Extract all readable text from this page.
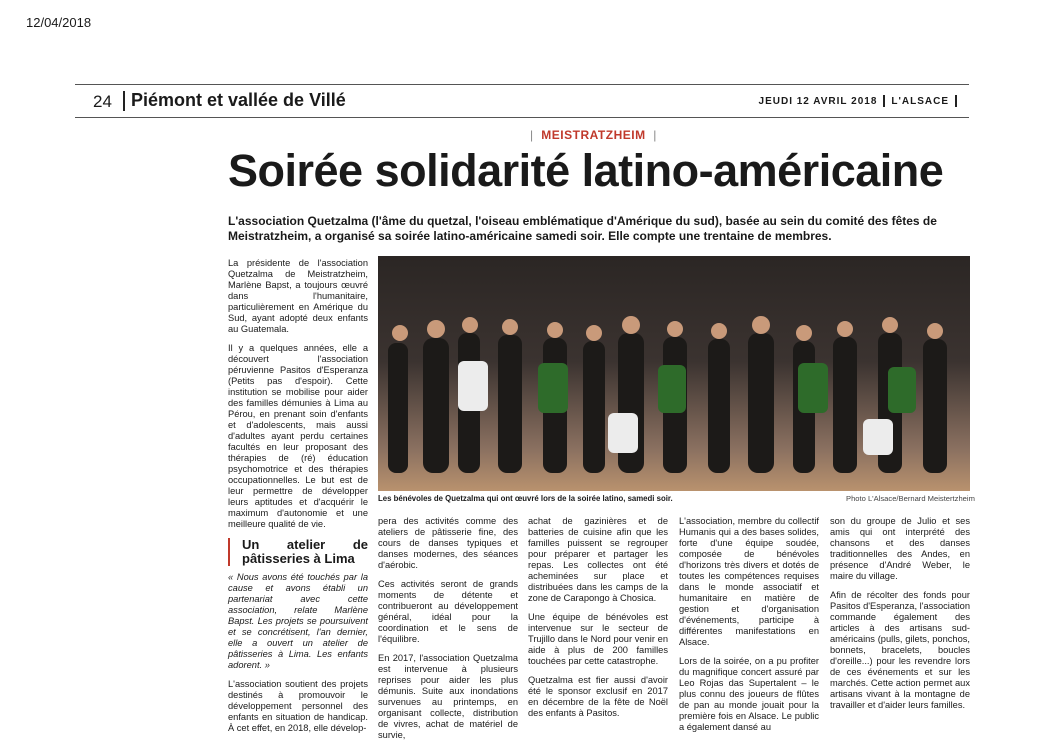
12/04/2018
24 Piémont et vallée de Villé	JEUDI 12 AVRIL 2018 L'ALSACE
|  MEISTRATZHEIM  |
Soirée solidarité latino-américaine
L'association Quetzalma (l'âme du quetzal, l'oiseau emblématique d'Amérique du sud), basée au sein du comité des fêtes de Meistratzheim, a organisé sa soirée latino-américaine samedi soir. Elle compte une trentaine de membres.

La présidente de l'association Quetzalma de Meistratzheim, Marlène Bapst, a toujours œuvré dans l'humanitaire, particulièrement en Amérique du Sud, ayant adopté deux enfants au Guatemala.

Il y a quelques années, elle a découvert l'association péruvienne Pasitos d'Esperanza (Petits pas d'espoir). Cette institution se mobilise pour aider des familles démunies à Lima au Pérou, en prenant soin d'enfants et d'adolescents, mais aussi d'adultes ayant perdu certaines facultés en leur proposant des thérapies de (ré) éducation psychomotrice et des thérapies occupationnelles. Le but est de leur permettre de développer leurs aptitudes et d'acquérir le maximum d'autonomie et une meilleure qualité de vie.

Un atelier de pâtisseries à Lima

« Nous avons été touchés par la cause et avons établi un partenariat avec cette association, relate Marlène Bapst. Les projets se poursuivent et se concrétisent, l'an dernier, elle a ouvert un atelier de pâtisseries à Lima. Les enfants adorent. »

L'association soutient des projets destinés à promouvoir le développement personnel des enfants en situation de handicap. À cet effet, en 2018, elle dévelop-

Les bénévoles de Quetzalma qui ont œuvré lors de la soirée latino, samedi soir.	Photo L'Alsace/Bernard Meistertzheim

pera des activités comme des ateliers de pâtisserie fine, des cours de danses typiques et danses modernes, des séances d'aérobic.

Ces activités seront de grands moments de détente et contribueront au développement général, idéal pour la coordination et le sens de l'équilibre.

En 2017, l'association Quetzalma est intervenue à plusieurs reprises pour aider les plus démunis. Suite aux inondations survenues au printemps, en organisant collecte, distribution de vivres, achat de matériel de survie,

achat de gazinières et de batteries de cuisine afin que les familles puissent se regrouper pour préparer et partager les repas. Les collectes ont été acheminées sur place et distribuées dans les camps de la zone de Carapongo à Chosica.

Une équipe de bénévoles est intervenue sur le secteur de Trujillo dans le Nord pour venir en aide à plus de 200 familles touchées par cette catastrophe.

Quetzalma est fier aussi d'avoir été le sponsor exclusif en 2017 en décembre de la fête de Noël des enfants à Pasitos.

L'association, membre du collectif Humanis qui a des bases solides, forte d'une équipe soudée, composée de bénévoles d'horizons très divers et dotés de toutes les compétences requises dans le monde associatif et humanitaire en matière de gestion et d'organisation d'événements, participe à différentes manifestations en Alsace.

Lors de la soirée, on a pu profiter du magnifique concert assuré par Leo Rojas das Supertalent – le plus connu des joueurs de flûtes de pan au monde jouait pour la première fois en Alsace. Le public a également dansé au

son du groupe de Julio et ses amis qui ont interprété des chansons et des danses traditionnelles des Andes, en présence d'André Weber, le maire du village.

Afin de récolter des fonds pour Pasitos d'Esperanza, l'association commande également des articles à des artisans sud-américains (pulls, gilets, ponchos, bonnets, bracelets, boucles d'oreille...) pour les revendre lors de ces événements et sur les marchés. Cette action permet aux artisans vivant à la montagne de travailler et d'aider leurs familles.
